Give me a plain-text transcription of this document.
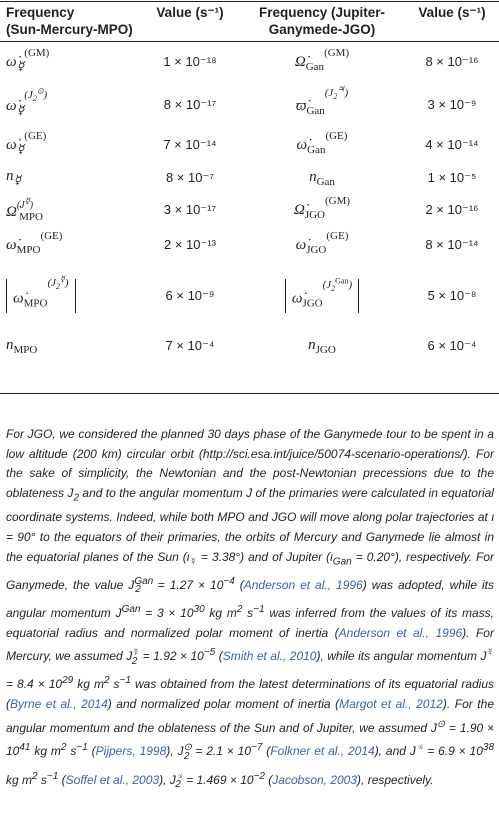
Frequency
(Sun-Mercury-MPO)	Value (s⁻¹)	Frequency (Jupiter-
Ganymede-JGO)	Value (s⁻¹)
$\omegȧ_☿^{(GM)}$	1 × 10⁻¹⁸	$\Omegȧ_{Gan}^{(GM)}$	8 × 10⁻¹⁶
$\omegȧ_☿^{(J_2^⊙)}$	8 × 10⁻¹⁷	$ϖ̇_{Gan}^{(J_2^♃)}$	3 × 10⁻⁹
$\omegȧ_☿^{(GE)}$	7 × 10⁻¹⁴	$\omegȧ_{Gan}^{(GE)}$	4 × 10⁻¹⁴
$n_☿$	8 × 10⁻⁷	$n_{Gan}$	1 × 10⁻⁵
Ω̇$^{(J^☿)}_{MPO}$	3 × 10⁻¹⁷	$\Omegȧ_{JGO}^{(GM)}$	2 × 10⁻¹⁶
$\omegȧ_{MPO}^{(GE)}$	2 × 10⁻¹³	$\omegȧ_{JGO}^{(GE)}$	8 × 10⁻¹⁴
$\omegȧ_{MPO}^{(J_2^☿)}$	6 × 10⁻⁹	$\omegȧ_{JGO}^{(J_2^{Gan})}$	5 × 10⁻⁸
$n_{MPO}$	7 × 10⁻⁴	$n_{JGO}$	6 × 10⁻⁴

For JGO, we considered the planned 30 days phase of the Ganymede tour to be spent in a low altitude (200 km) circular orbit (http://sci.esa.int/juice/50074-scenario-operations/). For the sake of simplicity, the Newtonian and the post-Newtonian precessions due to the oblateness $J_2$ and to the angular momentum J of the primaries were calculated in equatorial coordinate systems. Indeed, while both MPO and JGO will move along polar trajectories at ι = 90° to the equators of their primaries, the orbits of Mercury and Ganymede lie almost in the equatorial planes of the Sun $(\iota_☿ = 3.38^\circ)$ and of Jupiter $(\iota_{Gan} = 0.20^\circ)$, respectively. For Ganymede, the value $J^{Gan}_2 = 1.27 \times 10^{-4}$ (Anderson et al., 1996) was adopted, while its angular momentum $J^{Gan} = 3 \times 10^{30}$ kg $m^2$ $s^{-1}$ was inferred from the values of its mass, equatorial radius and normalized polar moment of inertia (Anderson et al., 1996). For Mercury, we assumed $J^☿_2 = 1.92 \times 10^{-5}$ (Smith et al., 2010), while its angular momentum $J^☿ = 8.4 \times 10^{29}$ kg $m^2$ $s^{-1}$ was obtained from the latest determinations of its equatorial radius (Byrne et al., 2014) and normalized polar moment of inertia (Margot et al., 2012). For the angular momentum and the oblateness of the Sun and of Jupiter, we assumed $J^⊙ = 1.90 \times 10^{41}$ kg $m^2$ $s^{-1}$ (Pijpers, 1998), $J^⊙_2 = 2.1 \times 10^{-7}$ (Folkner et al., 2014), and $J^♃ = 6.9 \times 10^{38}$ kg $m^2$ $s^{-1}$ (Soffel et al., 2003), $J^♃_2 = 1.469 \times 10^{-2}$ (Jacobson, 2003), respectively.
